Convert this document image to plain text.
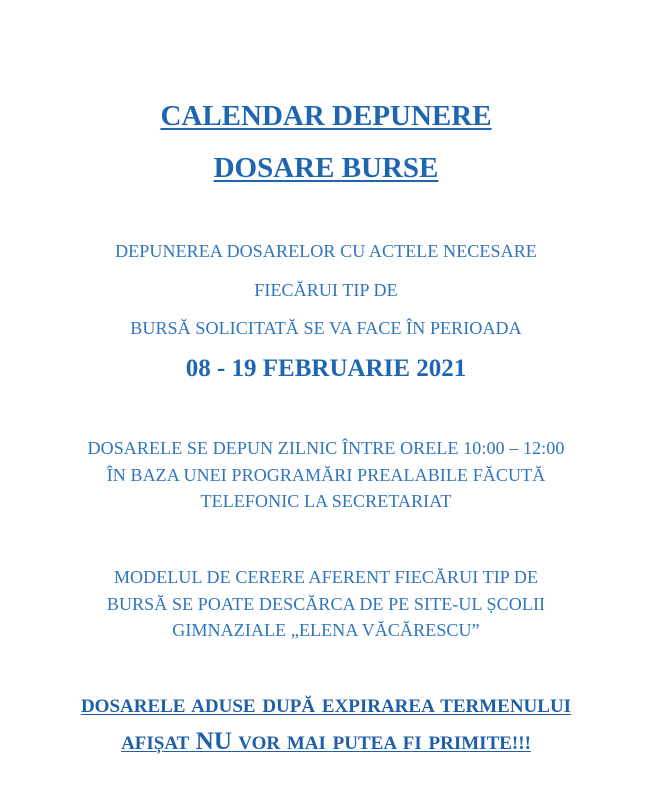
CALENDAR DEPUNERE
DOSARE BURSE
DEPUNEREA DOSARELOR CU ACTELE NECESARE
FIECĂRUI TIP DE
BURSĂ SOLICITATĂ SE VA FACE ÎN PERIOADA
08 - 19 FEBRUARIE 2021
DOSARELE SE DEPUN ZILNIC ÎNTRE ORELE 10:00 – 12:00
ÎN BAZA UNEI PROGRAMĂRI PREALABILE FĂCUTĂ
TELEFONIC LA SECRETARIAT
MODELUL DE CERERE AFERENT FIECĂRUI TIP DE
BURSĂ SE POATE DESCĂRCA DE PE SITE-UL ȘCOLII
GIMNAZIALE „ELENA VĂCĂRESCU”
DOSARELE ADUSE DUPĂ EXPIRAREA TERMENULUI
AFIȘAT NU VOR MAI PUTEA FI PRIMITE!!!
